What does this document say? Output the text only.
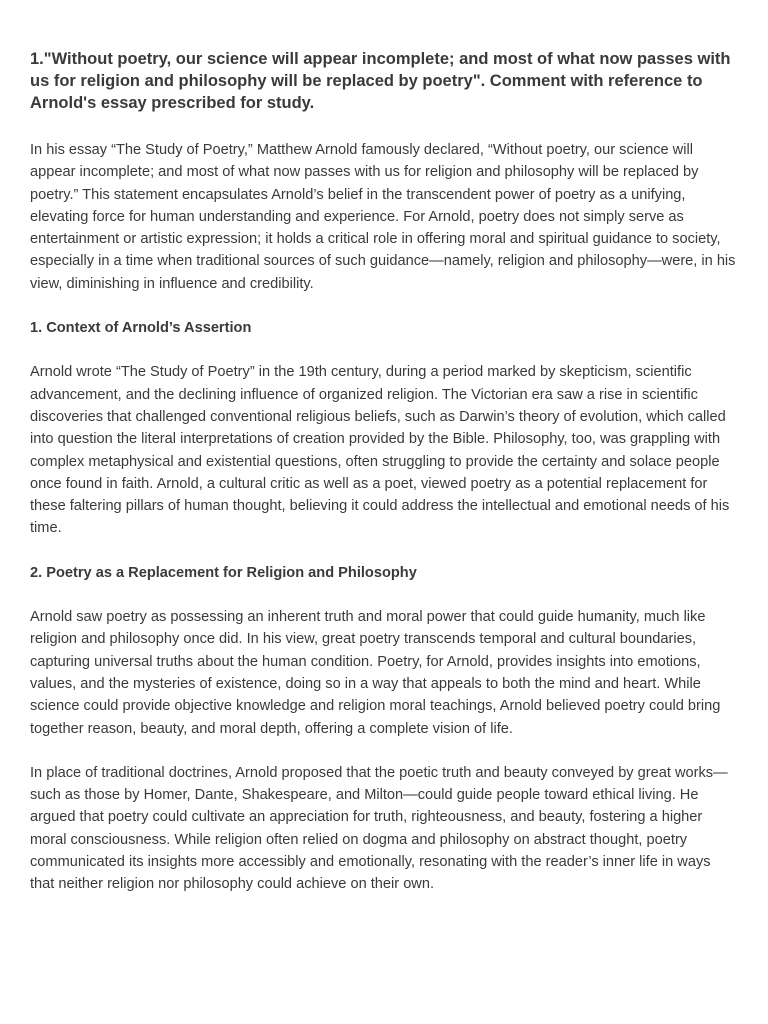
1."Without poetry, our science will appear incomplete; and most of what now passes with us for religion and philosophy will be replaced by poetry". Comment with reference to Arnold's essay prescribed for study.

In his essay “The Study of Poetry,” Matthew Arnold famously declared, “Without poetry, our science will appear incomplete; and most of what now passes with us for religion and philosophy will be replaced by poetry.” This statement encapsulates Arnold’s belief in the transcendent power of poetry as a unifying, elevating force for human understanding and experience. For Arnold, poetry does not simply serve as entertainment or artistic expression; it holds a critical role in offering moral and spiritual guidance to society, especially in a time when traditional sources of such guidance—namely, religion and philosophy—were, in his view, diminishing in influence and credibility.

1. Context of Arnold’s Assertion

Arnold wrote “The Study of Poetry” in the 19th century, during a period marked by skepticism, scientific advancement, and the declining influence of organized religion. The Victorian era saw a rise in scientific discoveries that challenged conventional religious beliefs, such as Darwin’s theory of evolution, which called into question the literal interpretations of creation provided by the Bible. Philosophy, too, was grappling with complex metaphysical and existential questions, often struggling to provide the certainty and solace people once found in faith. Arnold, a cultural critic as well as a poet, viewed poetry as a potential replacement for these faltering pillars of human thought, believing it could address the intellectual and emotional needs of his time.

2. Poetry as a Replacement for Religion and Philosophy

Arnold saw poetry as possessing an inherent truth and moral power that could guide humanity, much like religion and philosophy once did. In his view, great poetry transcends temporal and cultural boundaries, capturing universal truths about the human condition. Poetry, for Arnold, provides insights into emotions, values, and the mysteries of existence, doing so in a way that appeals to both the mind and heart. While science could provide objective knowledge and religion moral teachings, Arnold believed poetry could bring together reason, beauty, and moral depth, offering a complete vision of life.

In place of traditional doctrines, Arnold proposed that the poetic truth and beauty conveyed by great works—such as those by Homer, Dante, Shakespeare, and Milton—could guide people toward ethical living. He argued that poetry could cultivate an appreciation for truth, righteousness, and beauty, fostering a higher moral consciousness. While religion often relied on dogma and philosophy on abstract thought, poetry communicated its insights more accessibly and emotionally, resonating with the reader’s inner life in ways that neither religion nor philosophy could achieve on their own.
